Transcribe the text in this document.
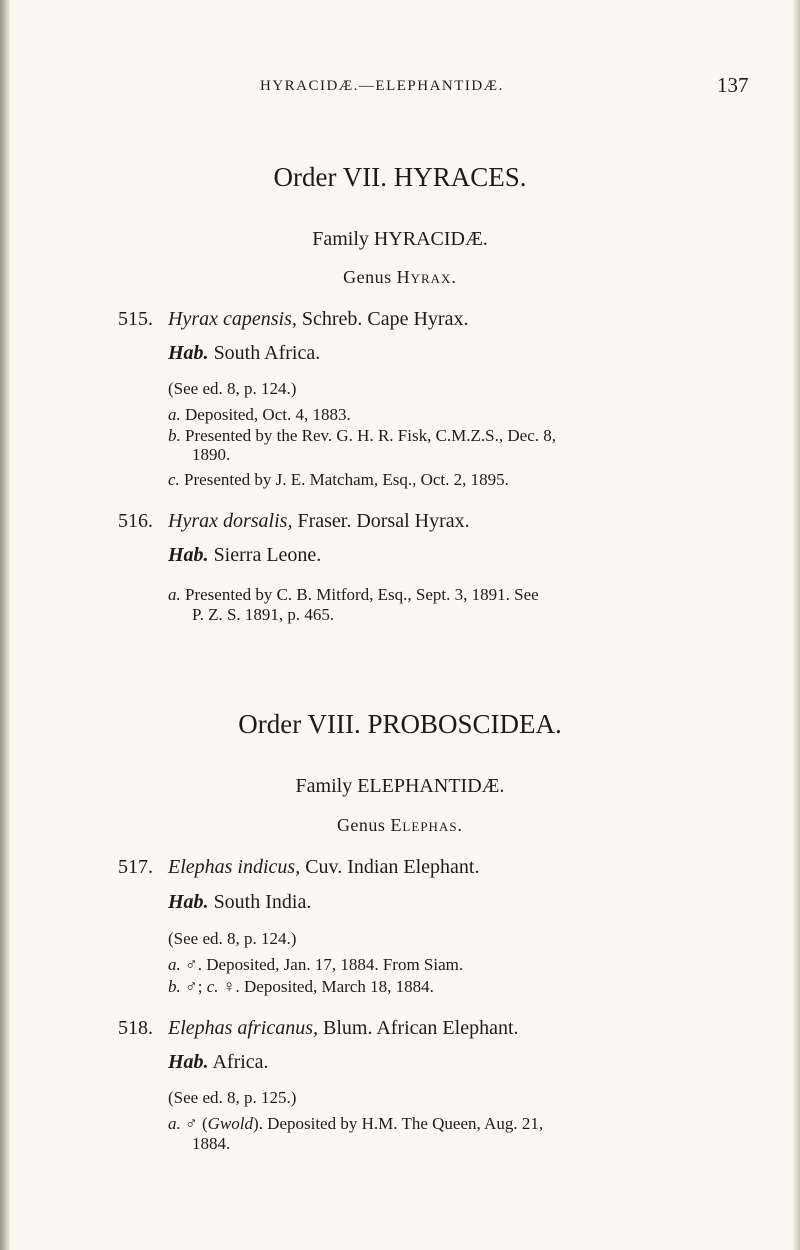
HYRACIDÆ.—ELEPHANTIDÆ.	137
Order VII. HYRACES.
Family HYRACIDÆ.
Genus Hyrax.
515. Hyrax capensis, Schreb. Cape Hyrax.
Hab. South Africa.
(See ed. 8, p. 124.)
a. Deposited, Oct. 4, 1883.
b. Presented by the Rev. G. H. R. Fisk, C.M.Z.S., Dec. 8,
1890.
c. Presented by J. E. Matcham, Esq., Oct. 2, 1895.
516. Hyrax dorsalis, Fraser. Dorsal Hyrax.
Hab. Sierra Leone.
a. Presented by C. B. Mitford, Esq., Sept. 3, 1891. See
P. Z. S. 1891, p. 465.
Order VIII. PROBOSCIDEA.
Family ELEPHANTIDÆ.
Genus Elephas.
517. Elephas indicus, Cuv. Indian Elephant.
Hab. South India.
(See ed. 8, p. 124.)
a. ♂. Deposited, Jan. 17, 1884. From Siam.
b. ♂; c. ♀. Deposited, March 18, 1884.
518. Elephas africanus, Blum. African Elephant.
Hab. Africa.
(See ed. 8, p. 125.)
a. ♂ (Gwold). Deposited by H.M. The Queen, Aug. 21,
1884.
